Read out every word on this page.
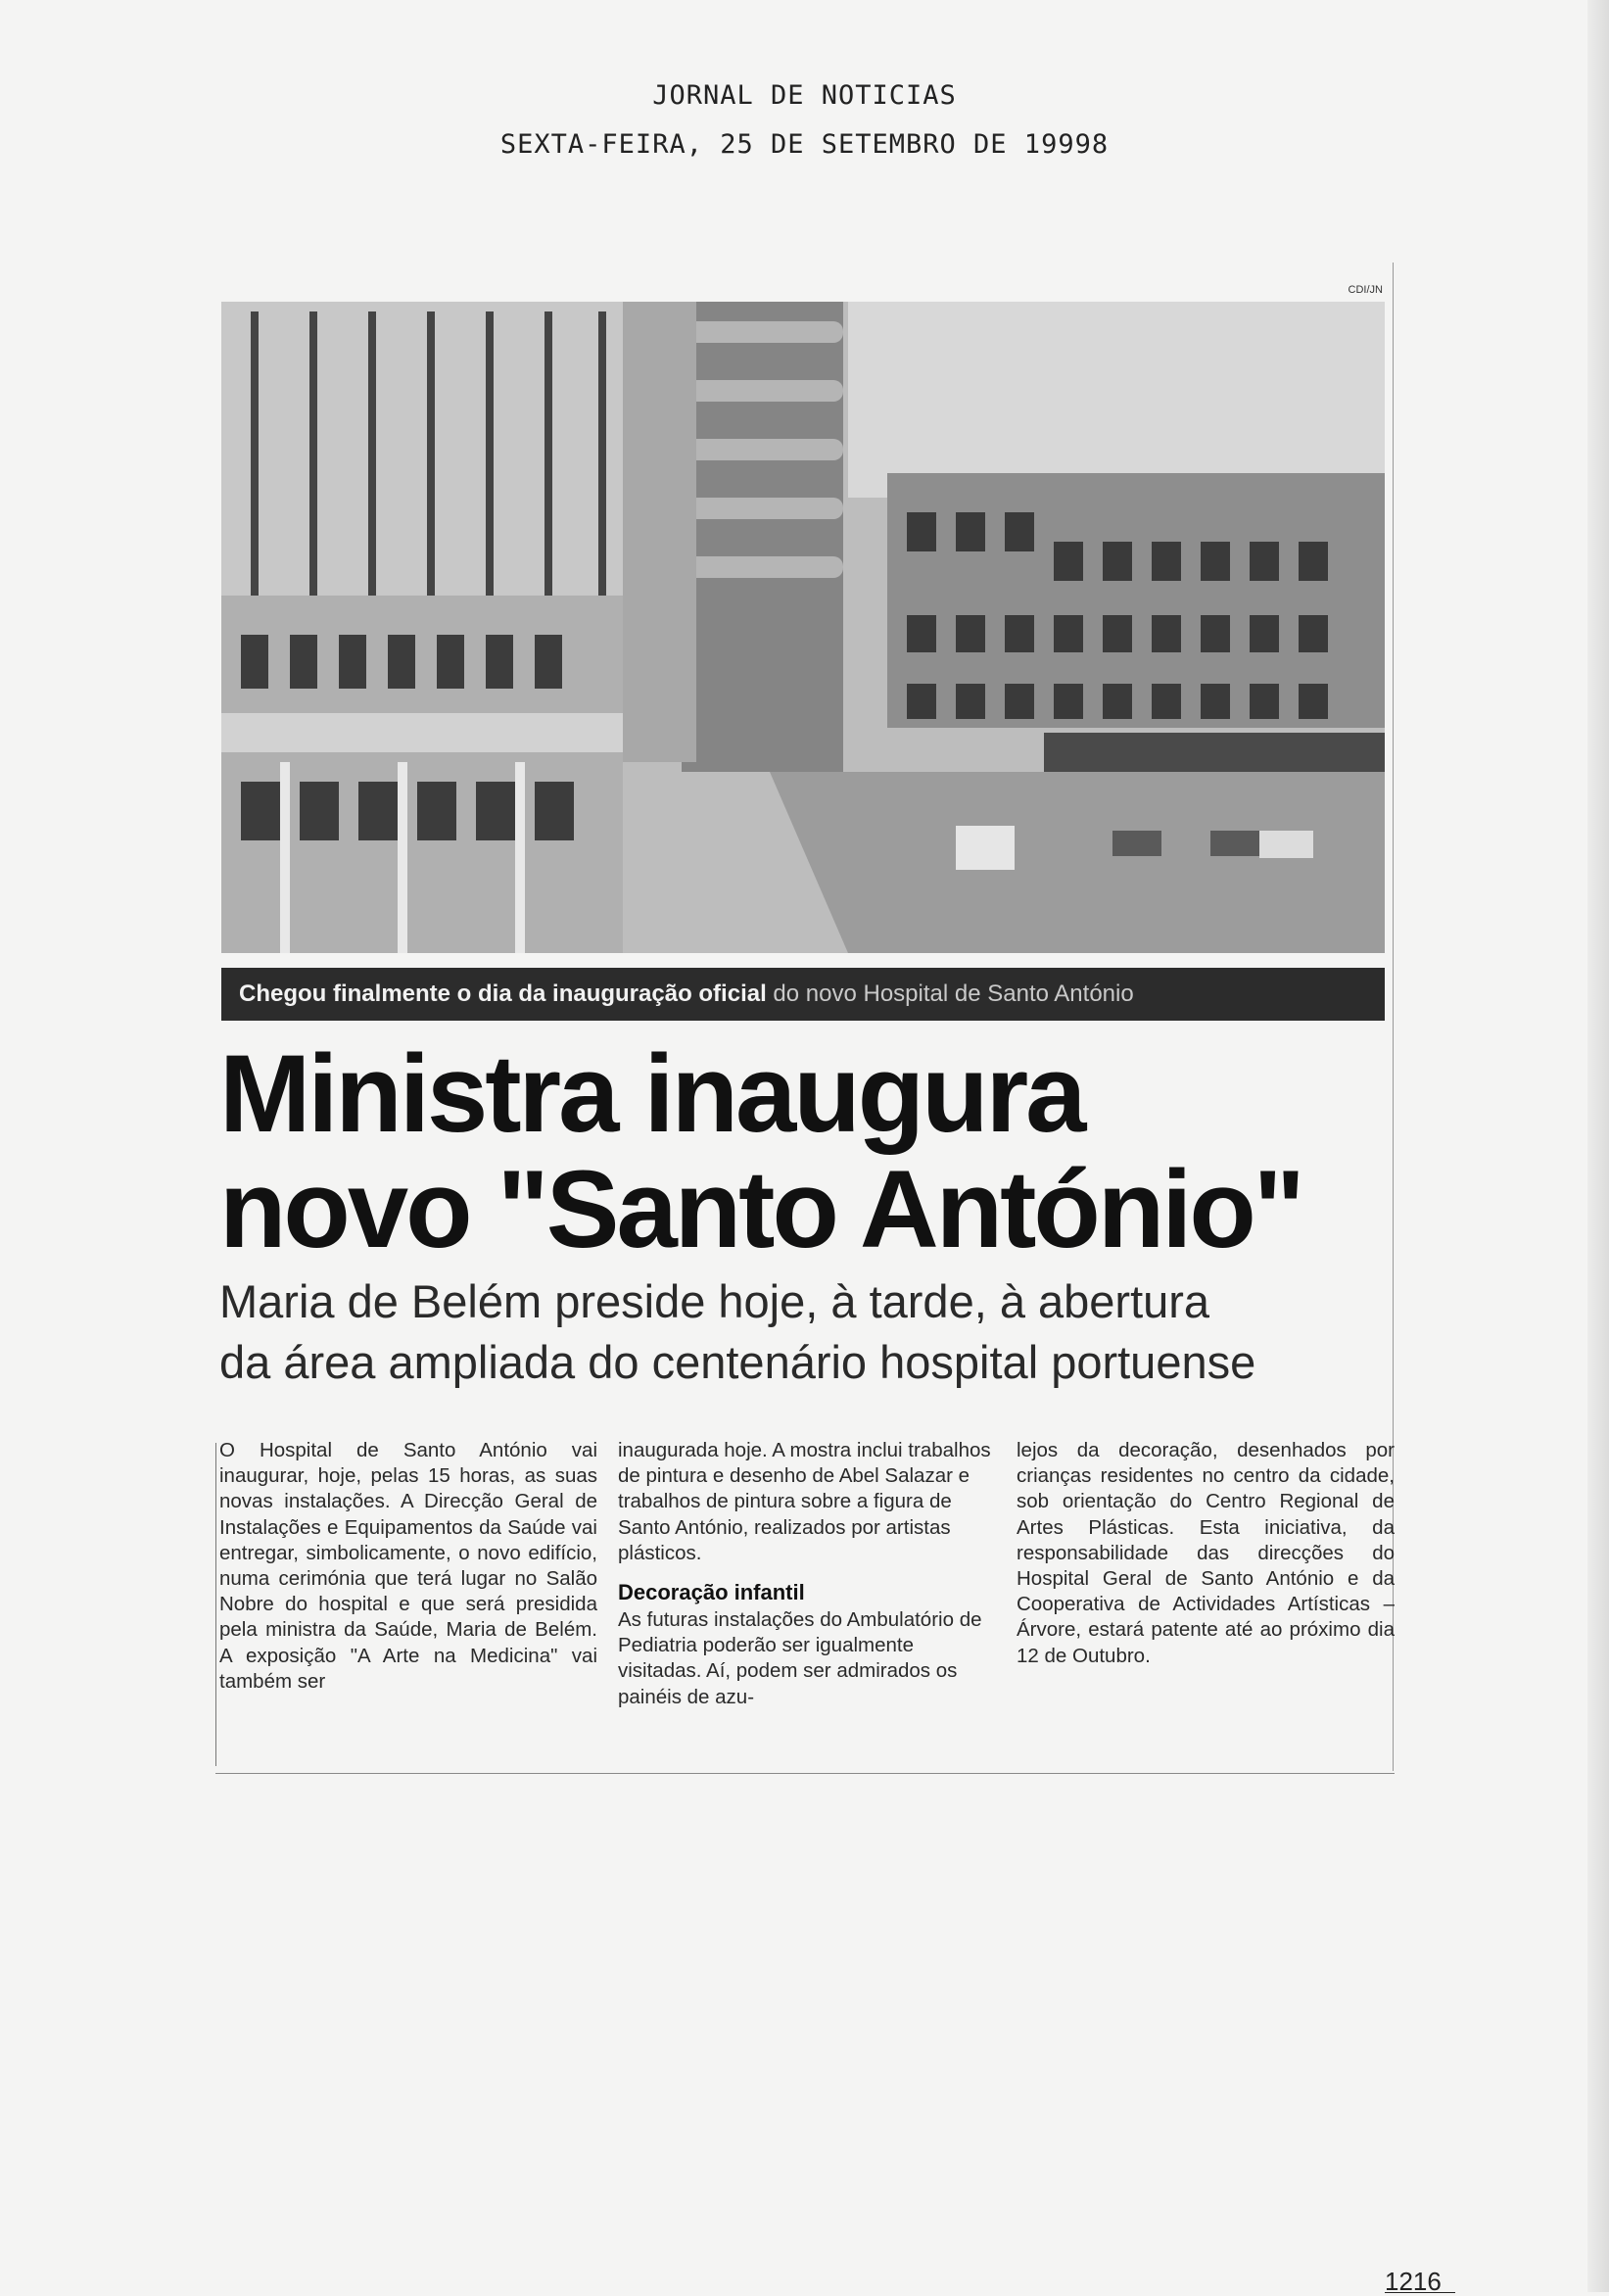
JORNAL DE NOTICIAS
SEXTA-FEIRA, 25 DE SETEMBRO DE 19998
CDI/JN
Chegou finalmente o dia da inauguração oficial do novo Hospital de Santo António
Ministra inaugura
novo "Santo António"
Maria de Belém preside hoje, à tarde, à abertura
da área ampliada do centenário hospital portuense

O Hospital de Santo António vai inaugurar, hoje, pelas 15 horas, as suas novas instalações. A Direcção Geral de Instalações e Equipamentos da Saúde vai entregar, simbolicamente, o novo edifício, numa cerimónia que terá lugar no Salão Nobre do hospital e que será presidida pela ministra da Saúde, Maria de Belém. A exposição "A Arte na Medicina" vai também ser

inaugurada hoje. A mostra inclui trabalhos de pintura e desenho de Abel Salazar e trabalhos de pintura sobre a figura de Santo António, realizados por artistas plásticos.

Decoração infantil

As futuras instalações do Ambulatório de Pediatria poderão ser igualmente visitadas. Aí, podem ser admirados os painéis de azu-

lejos da decoração, desenhados por crianças residentes no centro da cidade, sob orientação do Centro Regional de Artes Plásticas. Esta iniciativa, da responsabilidade das direcções do Hospital Geral de Santo António e da Cooperativa de Actividades Artísticas – Árvore, estará patente até ao próximo dia 12 de Outubro.

1216
